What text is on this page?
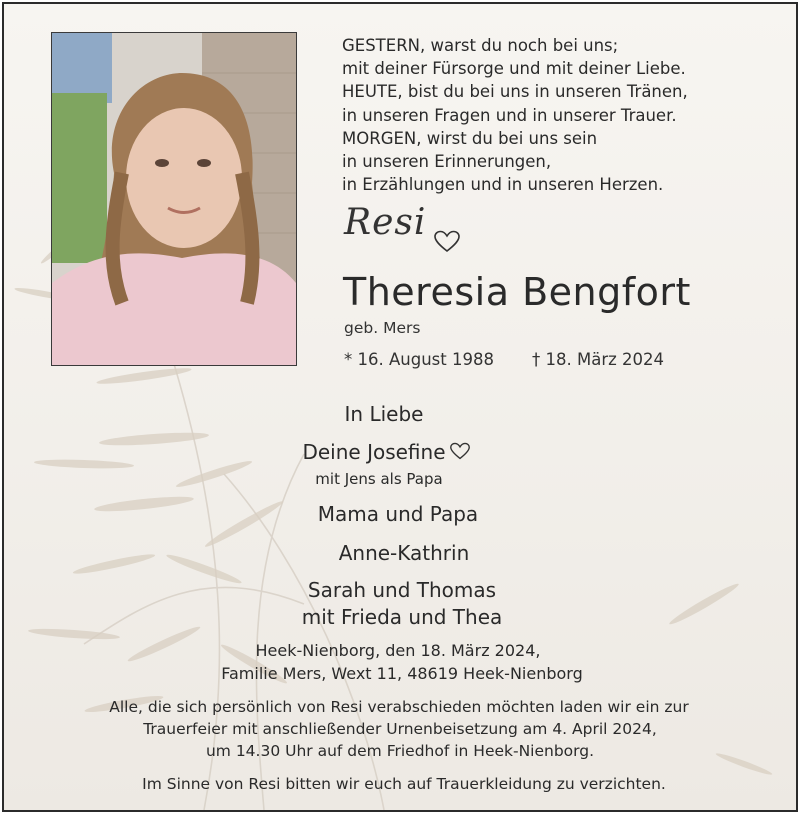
GESTERN, warst du noch bei uns;
mit deiner Fürsorge und mit deiner Liebe.
HEUTE, bist du bei uns in unseren Tränen,
in unseren Fragen und in unserer Trauer.
MORGEN, wirst du bei uns sein
in unseren Erinnerungen,
in Erzählungen und in unseren Herzen.
Resi
Theresia Bengfort
geb. Mers
* 16. August 1988 † 18. März 2024
In Liebe
Deine Josefine
mit Jens als Papa
Mama und Papa
Anne-Kathrin
Sarah und Thomas
mit Frieda und Thea
Heek-Nienborg, den 18. März 2024,
Familie Mers, Wext 11, 48619 Heek-Nienborg
Alle, die sich persönlich von Resi verabschieden möchten laden wir ein zur
Trauerfeier mit anschließender Urnenbeisetzung am 4. April 2024,
um 14.30 Uhr auf dem Friedhof in Heek-Nienborg.
Im Sinne von Resi bitten wir euch auf Trauerkleidung zu verzichten.
